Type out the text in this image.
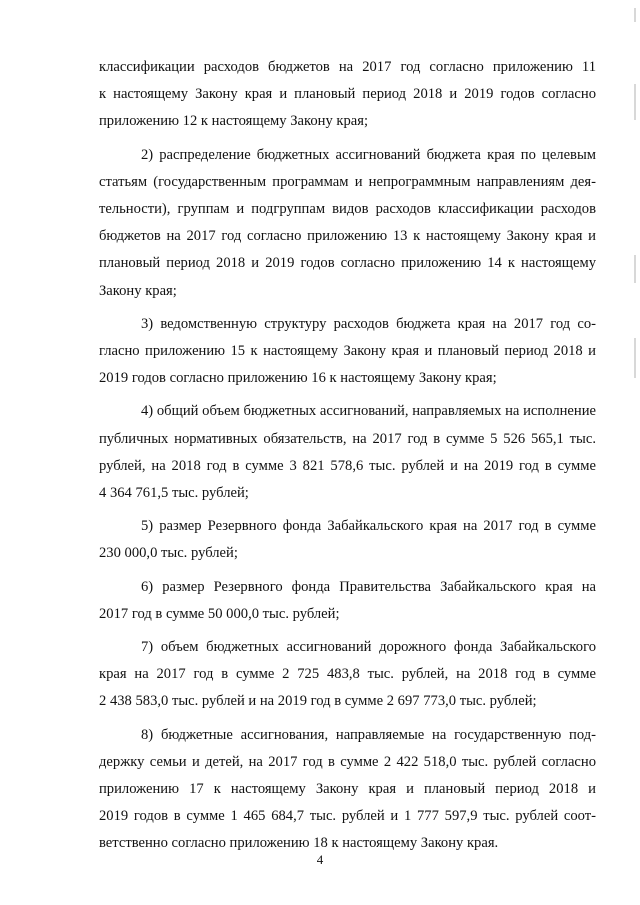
классификации расходов бюджетов на 2017 год согласно приложению 11
к настоящему Закону края и плановый период 2018 и 2019 годов согласно
приложению 12 к настоящему Закону края;

2) распределение бюджетных ассигнований бюджета края по целевым
статьям (государственным программам и непрограммным направлениям дея-
тельности), группам и подгруппам видов расходов классификации расходов
бюджетов на 2017 год согласно приложению 13 к настоящему Закону края и
плановый период 2018 и 2019 годов согласно приложению 14 к настоящему
Закону края;

3) ведомственную структуру расходов бюджета края на 2017 год со-
гласно приложению 15 к настоящему Закону края и плановый период 2018 и
2019 годов согласно приложению 16 к настоящему Закону края;

4) общий объем бюджетных ассигнований, направляемых на исполнение
публичных нормативных обязательств, на 2017 год в сумме 5 526 565,1 тыс.
рублей, на 2018 год в сумме 3 821 578,6 тыс. рублей и на 2019 год в сумме
4 364 761,5 тыс. рублей;

5) размер Резервного фонда Забайкальского края на 2017 год в сумме
230 000,0 тыс. рублей;

6) размер Резервного фонда Правительства Забайкальского края на
2017 год в сумме 50 000,0 тыс. рублей;

7) объем бюджетных ассигнований дорожного фонда Забайкальского
края на 2017 год в сумме 2 725 483,8 тыс. рублей, на 2018 год в сумме
2 438 583,0 тыс. рублей и на 2019 год в сумме 2 697 773,0 тыс. рублей;

8) бюджетные ассигнования, направляемые на государственную под-
держку семьи и детей, на 2017 год в сумме 2 422 518,0 тыс. рублей согласно
приложению 17 к настоящему Закону края и плановый период 2018 и
2019 годов в сумме 1 465 684,7 тыс. рублей и 1 777 597,9 тыс. рублей соот-
ветственно согласно приложению 18 к настоящему Закону края.

4
